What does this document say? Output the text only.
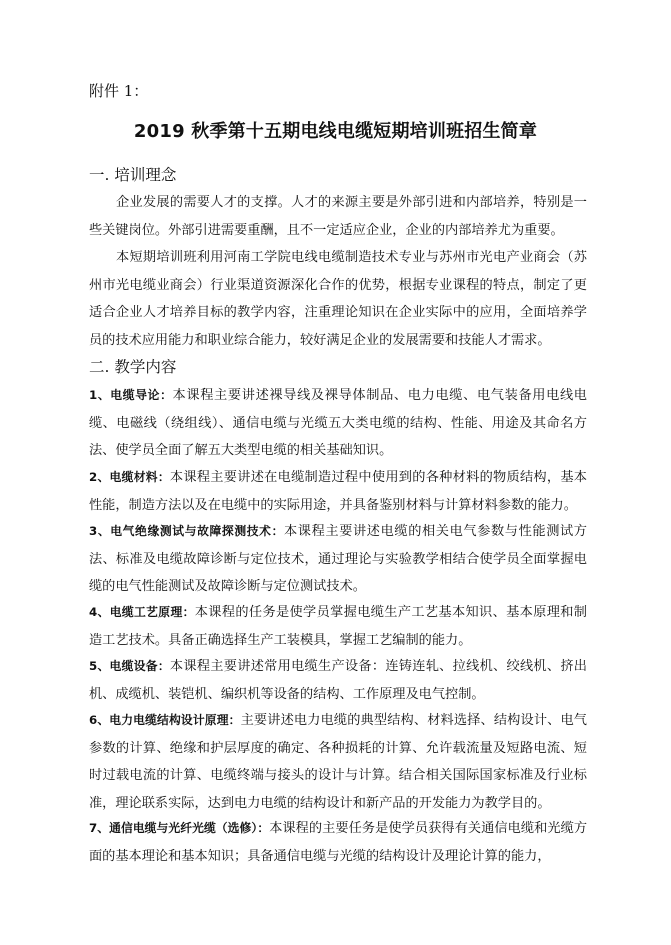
附件 1：
2019 秋季第十五期电线电缆短期培训班招生简章
一. 培训理念

企业发展的需要人才的支撑。人才的来源主要是外部引进和内部培养，特别是一些关键岗位。外部引进需要重酬，且不一定适应企业，企业的内部培养尤为重要。

本短期培训班利用河南工学院电线电缆制造技术专业与苏州市光电产业商会（苏州市光电缆业商会）行业渠道资源深化合作的优势，根据专业课程的特点，制定了更适合企业人才培养目标的教学内容，注重理论知识在企业实际中的应用，全面培养学员的技术应用能力和职业综合能力，较好满足企业的发展需要和技能人才需求。

二. 教学内容

1、电缆导论：本课程主要讲述裸导线及裸导体制品、电力电缆、电气装备用电线电缆、电磁线（绕组线）、通信电缆与光缆五大类电缆的结构、性能、用途及其命名方法、使学员全面了解五大类型电缆的相关基础知识。

2、电缆材料：本课程主要讲述在电缆制造过程中使用到的各种材料的物质结构，基本性能，制造方法以及在电缆中的实际用途，并具备鉴别材料与计算材料参数的能力。

3、电气绝缘测试与故障探测技术：本课程主要讲述电缆的相关电气参数与性能测试方法、标准及电缆故障诊断与定位技术，通过理论与实验教学相结合使学员全面掌握电缆的电气性能测试及故障诊断与定位测试技术。

4、电缆工艺原理：本课程的任务是使学员掌握电缆生产工艺基本知识、基本原理和制造工艺技术。具备正确选择生产工装模具，掌握工艺编制的能力。

5、电缆设备：本课程主要讲述常用电缆生产设备：连铸连轧、拉线机、绞线机、挤出机、成缆机、装铠机、编织机等设备的结构、工作原理及电气控制。

6、电力电缆结构设计原理：主要讲述电力电缆的典型结构、材料选择、结构设计、电气参数的计算、绝缘和护层厚度的确定、各种损耗的计算、允许载流量及短路电流、短时过载电流的计算、电缆终端与接头的设计与计算。结合相关国际国家标准及行业标准，理论联系实际，达到电力电缆的结构设计和新产品的开发能力为教学目的。

7、通信电缆与光纤光缆（选修）：本课程的主要任务是使学员获得有关通信电缆和光缆方面的基本理论和基本知识；具备通信电缆与光缆的结构设计及理论计算的能力，
